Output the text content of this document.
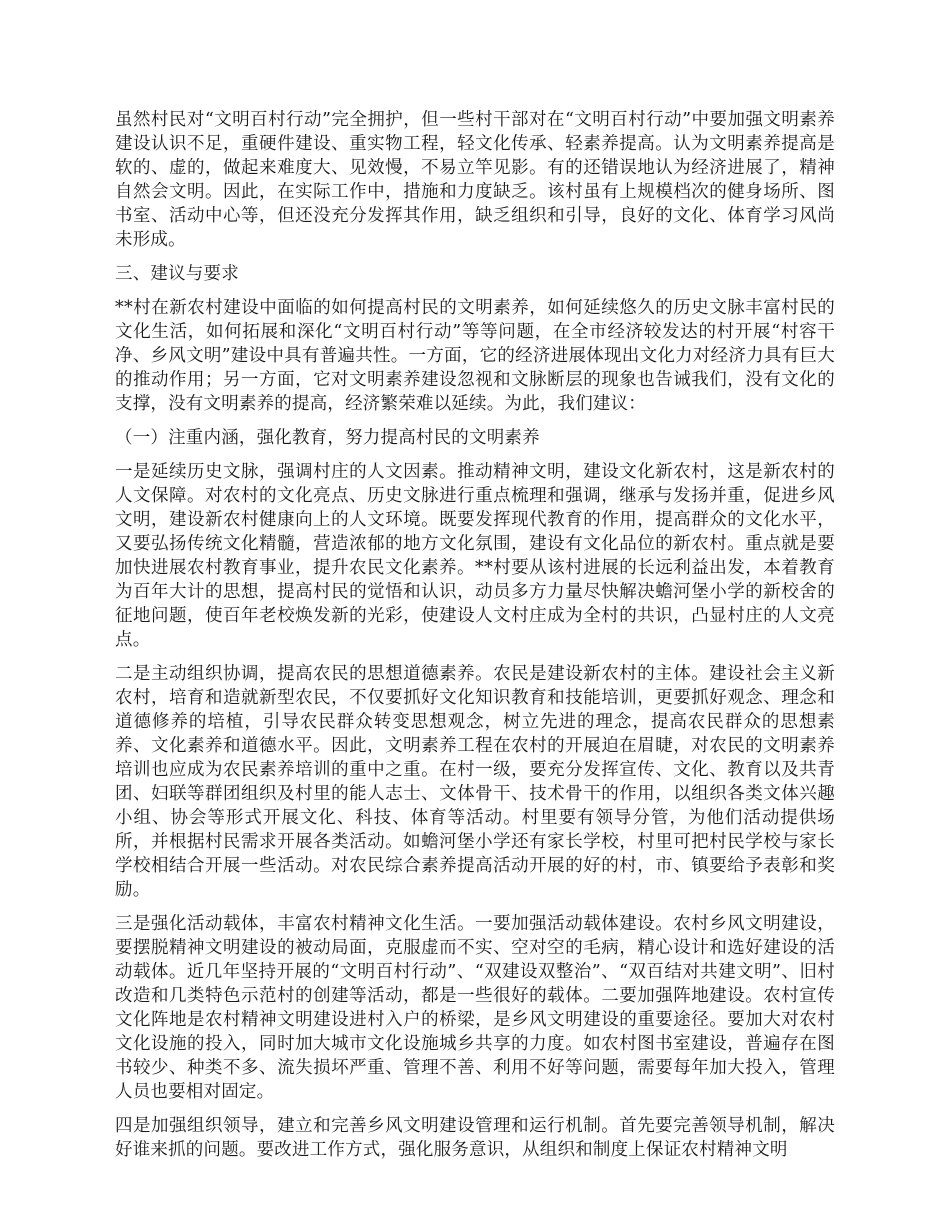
虽然村民对“文明百村行动”完全拥护，但一些村干部对在“文明百村行动”中要加强文明素养建设认识不足，重硬件建设、重实物工程，轻文化传承、轻素养提高。认为文明素养提高是软的、虚的，做起来难度大、见效慢，不易立竿见影。有的还错误地认为经济进展了，精神自然会文明。因此，在实际工作中，措施和力度缺乏。该村虽有上规模档次的健身场所、图书室、活动中心等，但还没充分发挥其作用，缺乏组织和引导，良好的文化、体育学习风尚未形成。

三、建议与要求

**村在新农村建设中面临的如何提高村民的文明素养，如何延续悠久的历史文脉丰富村民的文化生活，如何拓展和深化“文明百村行动”等等问题，在全市经济较发达的村开展“村容干净、乡风文明”建设中具有普遍共性。一方面，它的经济进展体现出文化力对经济力具有巨大的推动作用；另一方面，它对文明素养建设忽视和文脉断层的现象也告诫我们，没有文化的支撑，没有文明素养的提高，经济繁荣难以延续。为此，我们建议：

（一）注重内涵，强化教育，努力提高村民的文明素养

一是延续历史文脉，强调村庄的人文因素。推动精神文明，建设文化新农村，这是新农村的人文保障。对农村的文化亮点、历史文脉进行重点梳理和强调，继承与发扬并重，促进乡风文明，建设新农村健康向上的人文环境。既要发挥现代教育的作用，提高群众的文化水平，又要弘扬传统文化精髓，营造浓郁的地方文化氛围，建设有文化品位的新农村。重点就是要加快进展农村教育事业，提升农民文化素养。**村要从该村进展的长远利益出发，本着教育为百年大计的思想，提高村民的觉悟和认识，动员多方力量尽快解决蟾河堡小学的新校舍的征地问题，使百年老校焕发新的光彩，使建设人文村庄成为全村的共识，凸显村庄的人文亮点。

二是主动组织协调，提高农民的思想道德素养。农民是建设新农村的主体。建设社会主义新农村，培育和造就新型农民，不仅要抓好文化知识教育和技能培训，更要抓好观念、理念和道德修养的培植，引导农民群众转变思想观念，树立先进的理念，提高农民群众的思想素养、文化素养和道德水平。因此，文明素养工程在农村的开展迫在眉睫，对农民的文明素养培训也应成为农民素养培训的重中之重。在村一级，要充分发挥宣传、文化、教育以及共青团、妇联等群团组织及村里的能人志士、文体骨干、技术骨干的作用，以组织各类文体兴趣小组、协会等形式开展文化、科技、体育等活动。村里要有领导分管，为他们活动提供场所，并根据村民需求开展各类活动。如蟾河堡小学还有家长学校，村里可把村民学校与家长学校相结合开展一些活动。对农民综合素养提高活动开展的好的村，市、镇要给予表彰和奖励。

三是强化活动载体，丰富农村精神文化生活。一要加强活动载体建设。农村乡风文明建设，要摆脱精神文明建设的被动局面，克服虚而不实、空对空的毛病，精心设计和选好建设的活动载体。近几年坚持开展的“文明百村行动”、“双建设双整治”、“双百结对共建文明”、旧村改造和几类特色示范村的创建等活动，都是一些很好的载体。二要加强阵地建设。农村宣传文化阵地是农村精神文明建设进村入户的桥梁，是乡风文明建设的重要途径。要加大对农村文化设施的投入，同时加大城市文化设施城乡共享的力度。如农村图书室建设，普遍存在图书较少、种类不多、流失损坏严重、管理不善、利用不好等问题，需要每年加大投入，管理人员也要相对固定。

四是加强组织领导，建立和完善乡风文明建设管理和运行机制。首先要完善领导机制，解决好谁来抓的问题。要改进工作方式，强化服务意识，从组织和制度上保证农村精神文明
